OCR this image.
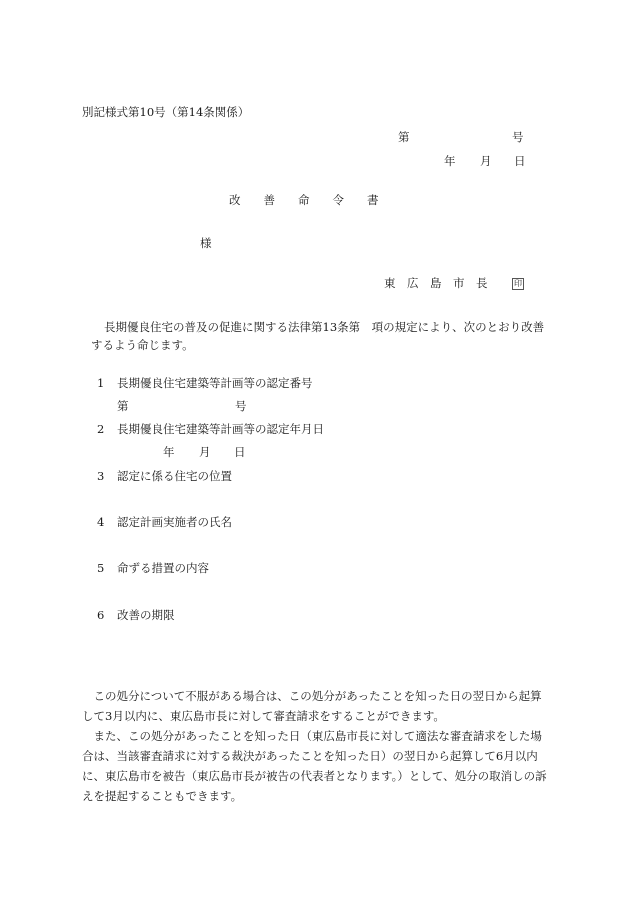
別記様式第10号（第14条関係）
第	号
年 月 日
改　　善　　命　　令　　書
様
東　広　島　市　長	印
長期優良住宅の普及の促進に関する法律第13条第　項の規定により、次のとおり改善
するよう命じます。
1 長期優良住宅建築等計画等の認定番号
第	号
2 長期優良住宅建築等計画等の認定年月日
年 月 日
3 認定に係る住宅の位置
4 認定計画実施者の氏名
5 命ずる措置の内容
6 改善の期限

この処分について不服がある場合は、この処分があったことを知った日の翌日から起算して3月以内に、東広島市長に対して審査請求をすることができます。

また、この処分があったことを知った日（東広島市長に対して適法な審査請求をした場合は、当該審査請求に対する裁決があったことを知った日）の翌日から起算して6月以内に、東広島市を被告（東広島市長が被告の代表者となります。）として、処分の取消しの訴えを提起することもできます。
